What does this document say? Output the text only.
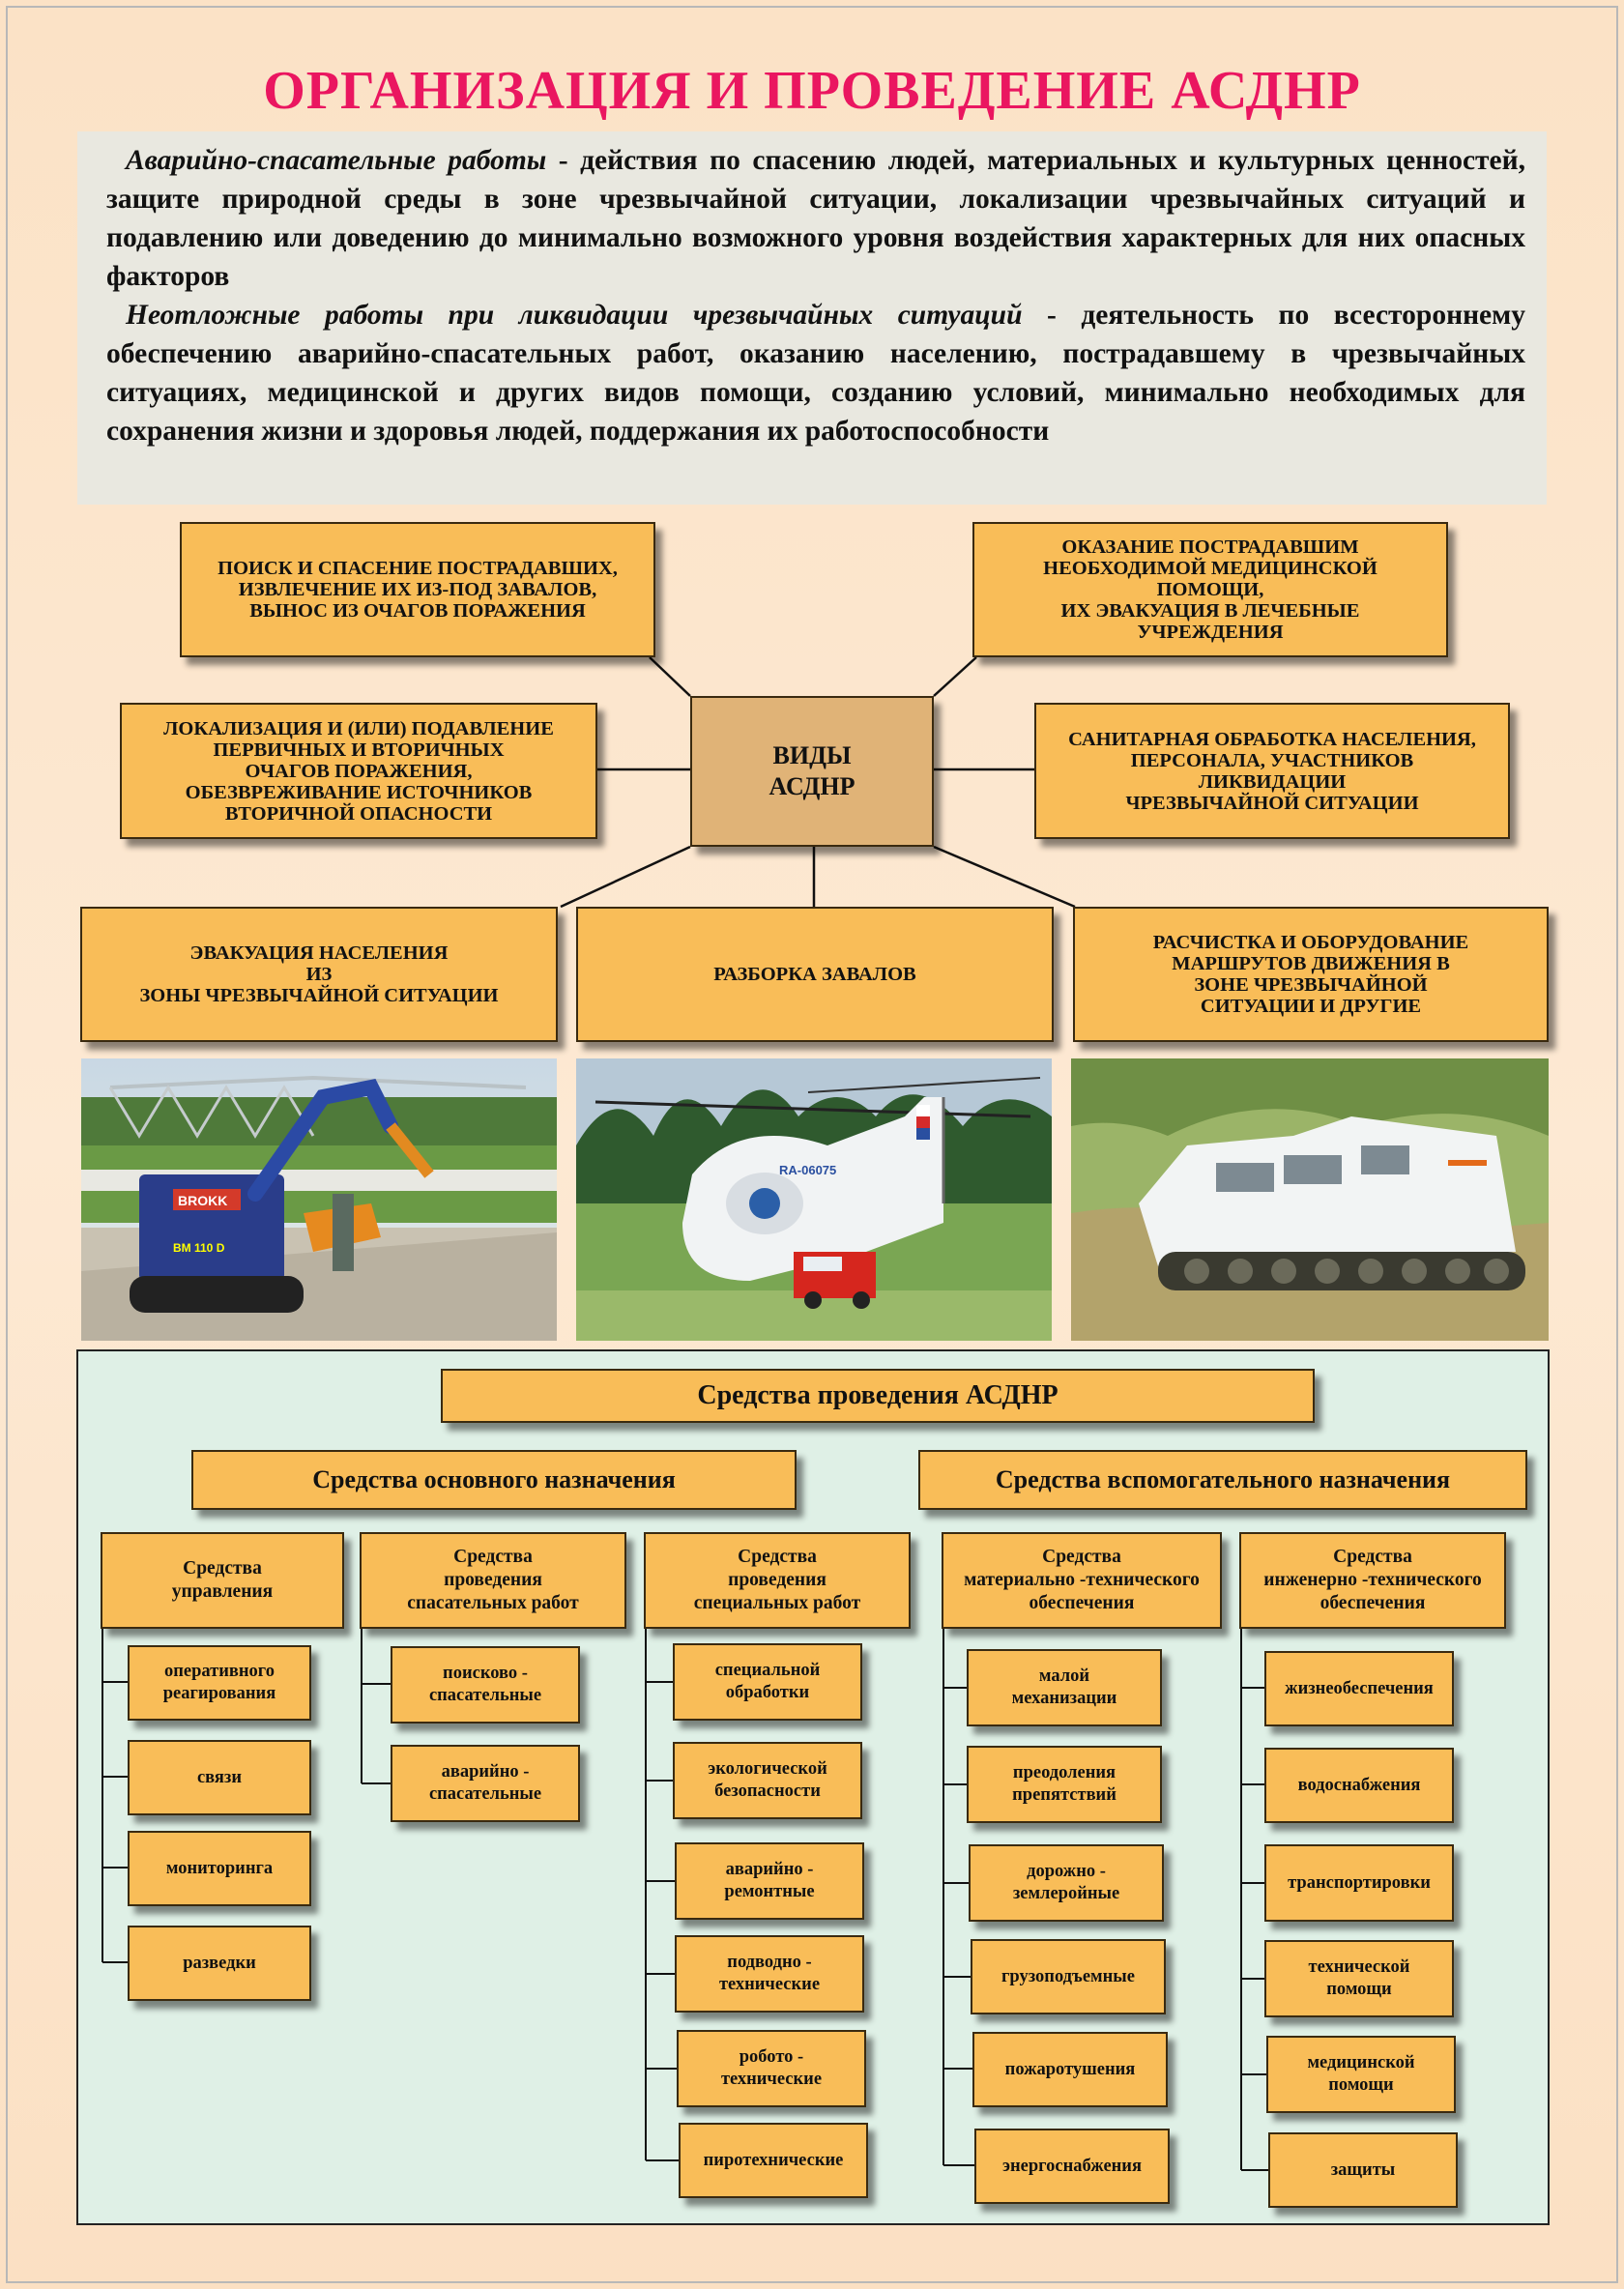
ОРГАНИЗАЦИЯ И ПРОВЕДЕНИЕ АСДНР

Аварийно-спасательные работы - действия по спасению людей, материальных и культурных ценностей, защите природной среды в зоне чрезвычайной ситуации, локализации чрезвычайных ситуаций и подавлению или доведению до минимально возможного уровня воздействия характерных для них опасных факторов

Неотложные работы при ликвидации чрезвычайных ситуаций - деятельность по всестороннему обеспечению аварийно-спасательных работ, оказанию населению, пострадавшему в чрезвычайных ситуациях, медицинской и других видов помощи, созданию условий, минимально необходимых для сохранения жизни и здоровья людей, поддержания их работоспособности

ПОИСК И СПАСЕНИЕ ПОСТРАДАВШИХ,
ИЗВЛЕЧЕНИЕ ИХ ИЗ-ПОД ЗАВАЛОВ,
ВЫНОС ИЗ ОЧАГОВ ПОРАЖЕНИЯ
ОКАЗАНИЕ ПОСТРАДАВШИМ
НЕОБХОДИМОЙ МЕДИЦИНСКОЙ
ПОМОЩИ,
ИХ ЭВАКУАЦИЯ В ЛЕЧЕБНЫЕ
УЧРЕЖДЕНИЯ
ЛОКАЛИЗАЦИЯ И (ИЛИ) ПОДАВЛЕНИЕ
ПЕРВИЧНЫХ И ВТОРИЧНЫХ
ОЧАГОВ ПОРАЖЕНИЯ,
ОБЕЗВРЕЖИВАНИЕ ИСТОЧНИКОВ
ВТОРИЧНОЙ ОПАСНОСТИ
ВИДЫ
АСДНР
САНИТАРНАЯ ОБРАБОТКА НАСЕЛЕНИЯ,
ПЕРСОНАЛА, УЧАСТНИКОВ
ЛИКВИДАЦИИ
ЧРЕЗВЫЧАЙНОЙ СИТУАЦИИ
ЭВАКУАЦИЯ НАСЕЛЕНИЯ
ИЗ
ЗОНЫ ЧРЕЗВЫЧАЙНОЙ СИТУАЦИИ
РАЗБОРКА ЗАВАЛОВ
РАСЧИСТКА И ОБОРУДОВАНИЕ
МАРШРУТОВ ДВИЖЕНИЯ В
ЗОНЕ ЧРЕЗВЫЧАЙНОЙ
СИТУАЦИИ И ДРУГИЕ
BROKK
BM 110 D
RA-06075
Средства проведения АСДНР
Средства основного назначения	Средства вспомогательного назначения
Средства
управления
Средства
проведения
спасательных работ
Средства
проведения
специальных работ
Средства
материально -технического
обеспечения
Средства
инженерно -технического
обеспечения
оперативного
реагирования
связи
мониторинга
разведки
поисково -
спасательные
аварийно -
спасательные
специальной
обработки
экологической
безопасности
аварийно -
ремонтные
подводно -
технические
робото -
технические
пиротехнические
малой
механизации
преодоления
препятствий
дорожно -
землеройные
грузоподъемные
пожаротушения
энергоснабжения
жизнеобеспечения
водоснабжения
транспортировки
технической
помощи
медицинской
помощи
защиты
